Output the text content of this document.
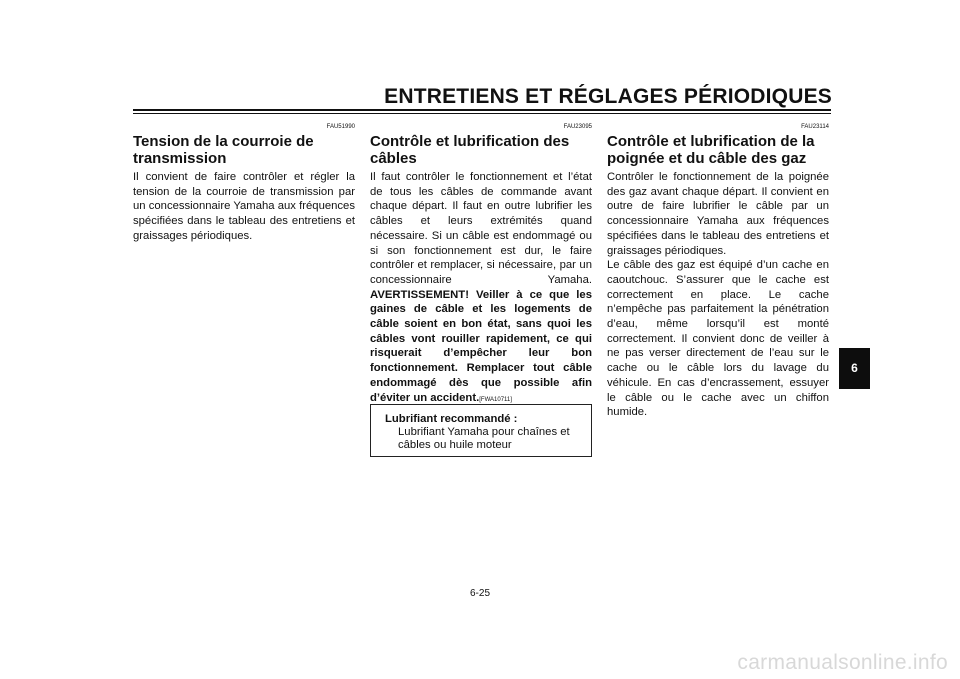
ENTRETIENS ET RÉGLAGES PÉRIODIQUES
FAU51990
Tension de la courroie de transmission

Il convient de faire contrôler et régler la tension de la courroie de transmission par un concessionnaire Yamaha aux fréquences spécifiées dans le tableau des entretiens et graissages périodiques.

FAU23095
Contrôle et lubrification des câbles

Il faut contrôler le fonctionnement et l’état de tous les câbles de commande avant chaque départ. Il faut en outre lubrifier les câbles et leurs extrémités quand nécessaire. Si un câble est endommagé ou si son fonctionnement est dur, le faire contrôler et remplacer, si nécessaire, par un concessionnaire Yamaha. AVERTISSEMENT! Veiller à ce que les gaines de câble et les logements de câble soient en bon état, sans quoi les câbles vont rouiller rapidement, ce qui risquerait d’empêcher leur bon fonctionnement. Remplacer tout câble endommagé dès que possible afin d’éviter un accident.[FWA10711]

Lubrifiant recommandé :
Lubrifiant Yamaha pour chaînes et câbles ou huile moteur
FAU23114
Contrôle et lubrification de la poignée et du câble des gaz

Contrôler le fonctionnement de la poignée des gaz avant chaque départ. Il convient en outre de faire lubrifier le câble par un concessionnaire Yamaha aux fréquences spécifiées dans le tableau des entretiens et graissages périodiques.

Le câble des gaz est équipé d’un cache en caoutchouc. S’assurer que le cache est correctement en place. Le cache n’empêche pas parfaitement la pénétration d’eau, même lorsqu’il est monté correctement. Il convient donc de veiller à ne pas verser directement de l’eau sur le cache ou le câble lors du lavage du véhicule. En cas d’encrassement, essuyer le câble ou le cache avec un chiffon humide.

6
6-25
carmanualsonline.info
